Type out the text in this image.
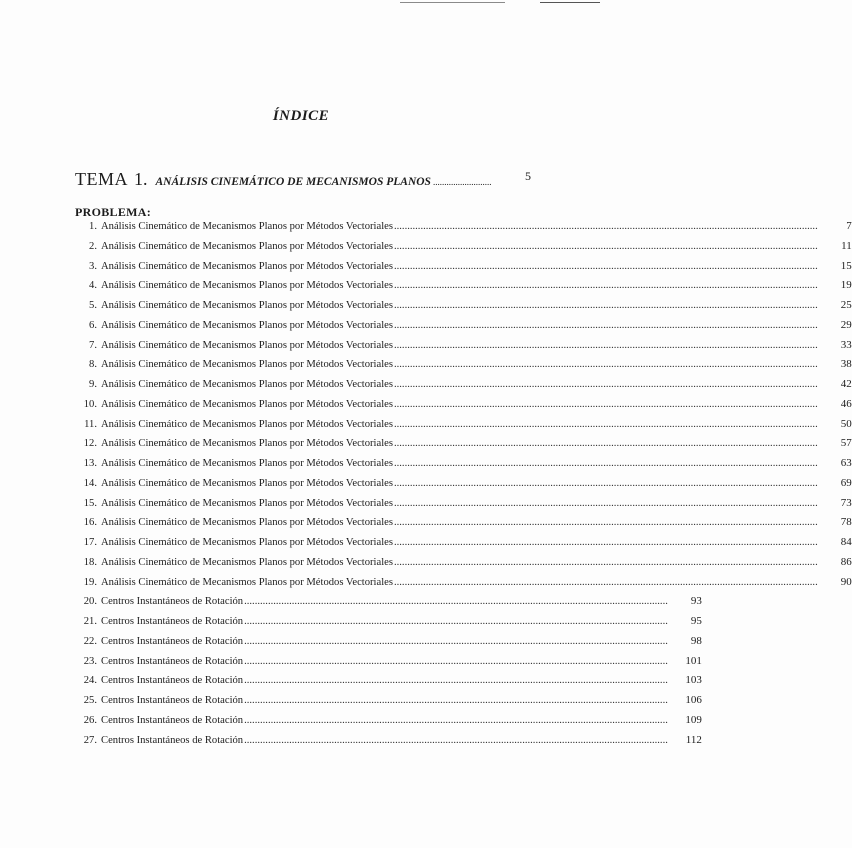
ÍNDICE
TEMA 1. ANÁLISIS CINEMÁTICO DE MECANISMOS PLANOS ..........................	5
PROBLEMA:
1. Análisis Cinemático de Mecanismos Planos por Métodos Vectoriales .....	7
2. Análisis Cinemático de Mecanismos Planos por Métodos Vectoriales .....	11
3. Análisis Cinemático de Mecanismos Planos por Métodos Vectoriales .....	15
4. Análisis Cinemático de Mecanismos Planos por Métodos Vectoriales .....	19
5. Análisis Cinemático de Mecanismos Planos por Métodos Vectoriales .....	25
6. Análisis Cinemático de Mecanismos Planos por Métodos Vectoriales .....	29
7. Análisis Cinemático de Mecanismos Planos por Métodos Vectoriales .....	33
8. Análisis Cinemático de Mecanismos Planos por Métodos Vectoriales .....	38
9. Análisis Cinemático de Mecanismos Planos por Métodos Vectoriales .....	42
10. Análisis Cinemático de Mecanismos Planos por Métodos Vectoriales .....	46
11. Análisis Cinemático de Mecanismos Planos por Métodos Vectoriales .....	50
12. Análisis Cinemático de Mecanismos Planos por Métodos Vectoriales .....	57
13. Análisis Cinemático de Mecanismos Planos por Métodos Vectoriales .....	63
14. Análisis Cinemático de Mecanismos Planos por Métodos Vectoriales .....	69
15. Análisis Cinemático de Mecanismos Planos por Métodos Vectoriales .....	73
16. Análisis Cinemático de Mecanismos Planos por Métodos Vectoriales .....	78
17. Análisis Cinemático de Mecanismos Planos por Métodos Vectoriales .....	84
18. Análisis Cinemático de Mecanismos Planos por Métodos Vectoriales .....	86
19. Análisis Cinemático de Mecanismos Planos por Métodos Vectoriales .....	90
20. Centros Instantáneos de Rotación .....	93
21. Centros Instantáneos de Rotación .....	95
22. Centros Instantáneos de Rotación .....	98
23. Centros Instantáneos de Rotación .....	101
24. Centros Instantáneos de Rotación .....	103
25. Centros Instantáneos de Rotación .....	106
26. Centros Instantáneos de Rotación .....	109
27. Centros Instantáneos de Rotación .....	112
